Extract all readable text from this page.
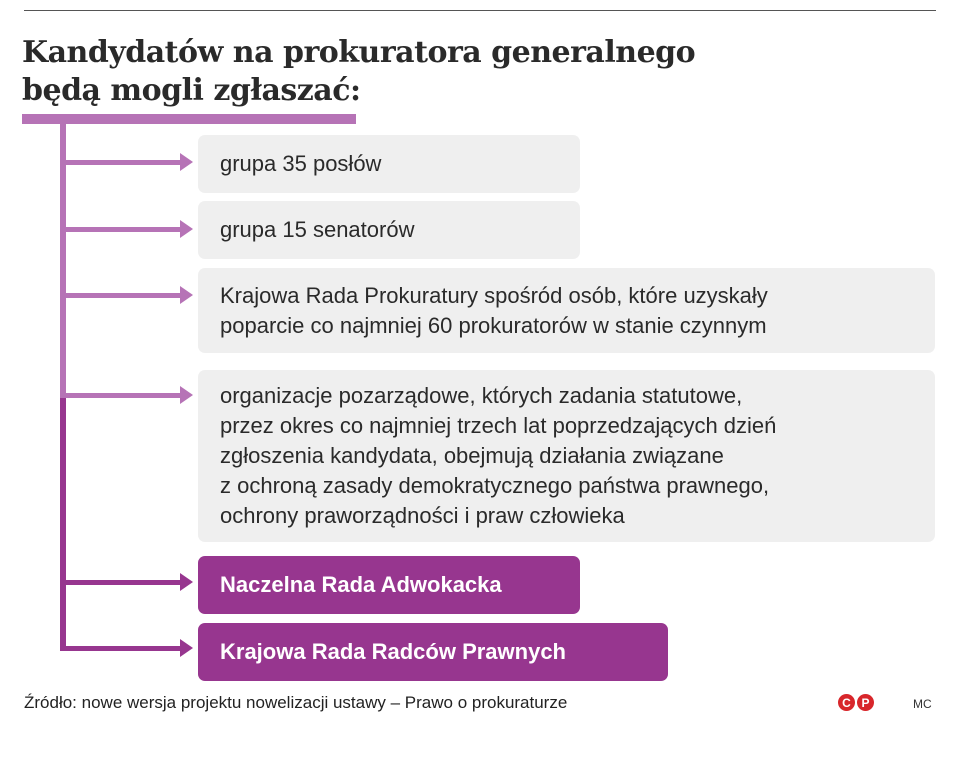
Kandydatów na prokuratora generalnego
będą mogli zgłaszać:
grupa 35 posłów
grupa 15 senatorów
Krajowa Rada Prokuratury spośród osób, które uzyskały
poparcie co najmniej 60 prokuratorów w stanie czynnym
organizacje pozarządowe, których zadania statutowe,
przez okres co najmniej trzech lat poprzedzających dzień
zgłoszenia kandydata, obejmują działania związane
z ochroną zasady demokratycznego państwa prawnego,
ochrony praworządności i praw człowieka
Naczelna Rada Adwokacka
Krajowa Rada Radców Prawnych
Źródło: nowe wersja projektu nowelizacji ustawy – Prawo o prokuraturze	C P	MC
